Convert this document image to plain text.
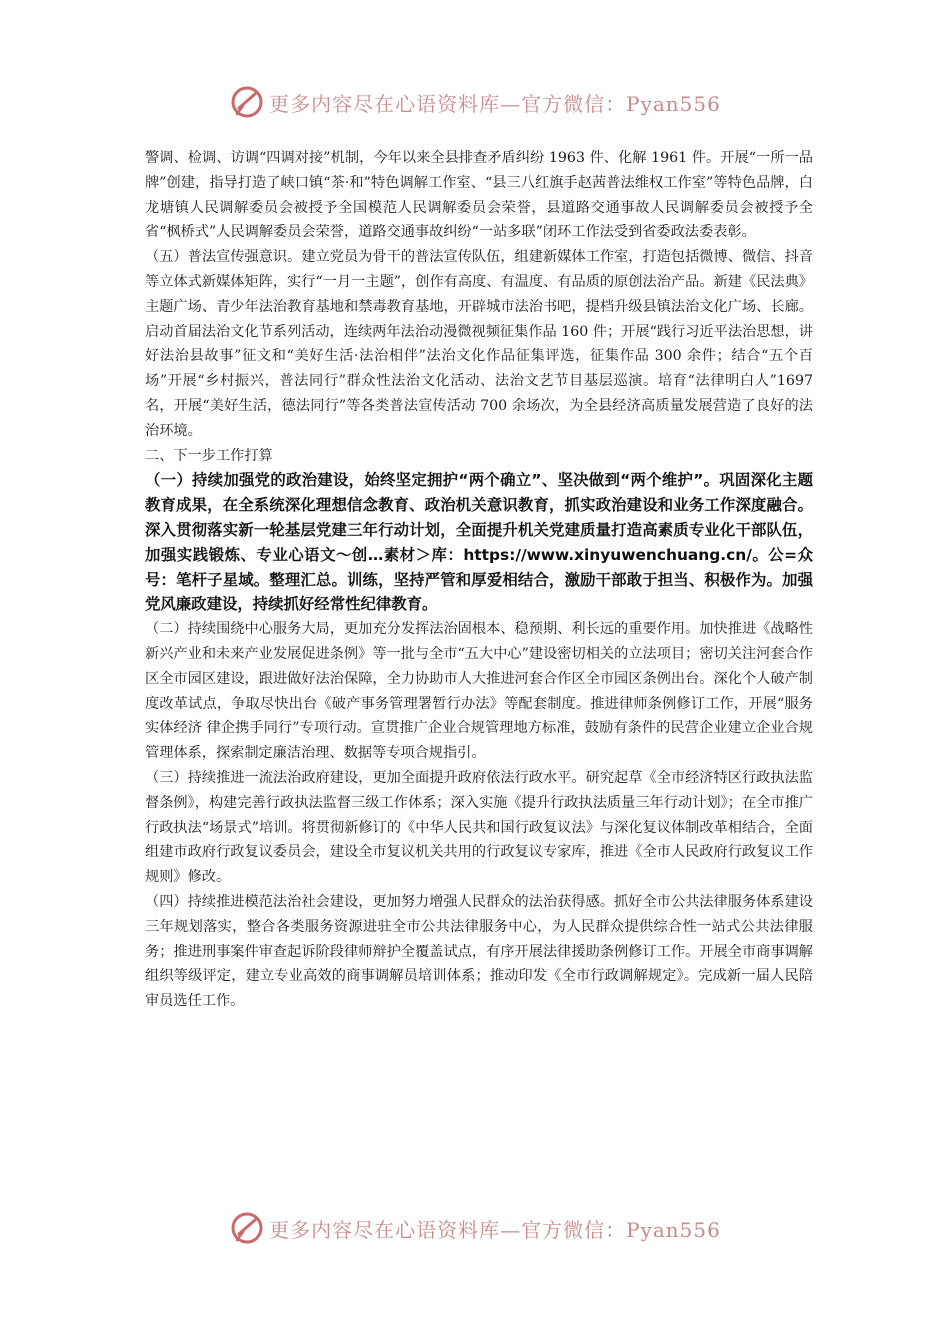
更多内容尽在心语资料库—官方微信：Pyan556

警调、检调、访调“四调对接”机制，今年以来全县排查矛盾纠纷 1963 件、化解 1961 件。开展“一所一品牌”创建，指导打造了峡口镇“茶·和”特色调解工作室、“县三八红旗手赵茜普法维权工作室”等特色品牌，白龙塘镇人民调解委员会被授予全国模范人民调解委员会荣誉，县道路交通事故人民调解委员会被授予全省“枫桥式”人民调解委员会荣誉，道路交通事故纠纷“一站多联”闭环工作法受到省委政法委表彰。

（五）普法宣传强意识。建立党员为骨干的普法宣传队伍，组建新媒体工作室，打造包括微博、微信、抖音等立体式新媒体矩阵，实行“一月一主题”，创作有高度、有温度、有品质的原创法治产品。新建《民法典》主题广场、青少年法治教育基地和禁毒教育基地，开辟城市法治书吧，提档升级县镇法治文化广场、长廊。启动首届法治文化节系列活动，连续两年法治动漫微视频征集作品 160 件；开展“践行习近平法治思想，讲好法治县故事”征文和“美好生活·法治相伴”法治文化作品征集评选，征集作品 300 余件；结合“五个百场”开展“乡村振兴，普法同行”群众性法治文化活动、法治文艺节目基层巡演。培育“法律明白人”1697 名，开展“美好生活，德法同行”等各类普法宣传活动 700 余场次，为全县经济高质量发展营造了良好的法治环境。

二、下一步工作打算

（一）持续加强党的政治建设，始终坚定拥护“两个确立”、坚决做到“两个维护”。巩固深化主题教育成果，在全系统深化理想信念教育、政治机关意识教育，抓实政治建设和业务工作深度融合。深入贯彻落实新一轮基层党建三年行动计划，全面提升机关党建质量打造高素质专业化干部队伍，加强实践锻炼、专业心语文～创…素材＞库：https://www.xinyuwenchuang.cn/。公=众号：笔杆子星域。整理汇总。训练，坚持严管和厚爱相结合，激励干部敢于担当、积极作为。加强党风廉政建设，持续抓好经常性纪律教育。

（二）持续围绕中心服务大局，更加充分发挥法治固根本、稳预期、利长远的重要作用。加快推进《战略性新兴产业和未来产业发展促进条例》等一批与全市“五大中心”建设密切相关的立法项目；密切关注河套合作区全市园区建设，跟进做好法治保障，全力协助市人大推进河套合作区全市园区条例出台。深化个人破产制度改革试点，争取尽快出台《破产事务管理署暂行办法》等配套制度。推进律师条例修订工作，开展“服务实体经济 律企携手同行”专项行动。宣贯推广企业合规管理地方标准，鼓励有条件的民营企业建立企业合规管理体系，探索制定廉洁治理、数据等专项合规指引。

（三）持续推进一流法治政府建设，更加全面提升政府依法行政水平。研究起草《全市经济特区行政执法监督条例》，构建完善行政执法监督三级工作体系；深入实施《提升行政执法质量三年行动计划》；在全市推广行政执法“场景式”培训。将贯彻新修订的《中华人民共和国行政复议法》与深化复议体制改革相结合，全面组建市政府行政复议委员会，建设全市复议机关共用的行政复议专家库，推进《全市人民政府行政复议工作规则》修改。

（四）持续推进模范法治社会建设，更加努力增强人民群众的法治获得感。抓好全市公共法律服务体系建设三年规划落实，整合各类服务资源进驻全市公共法律服务中心，为人民群众提供综合性一站式公共法律服务；推进刑事案件审查起诉阶段律师辩护全覆盖试点，有序开展法律援助条例修订工作。开展全市商事调解组织等级评定，建立专业高效的商事调解员培训体系；推动印发《全市行政调解规定》。完成新一届人民陪审员选任工作。

更多内容尽在心语资料库—官方微信：Pyan556
